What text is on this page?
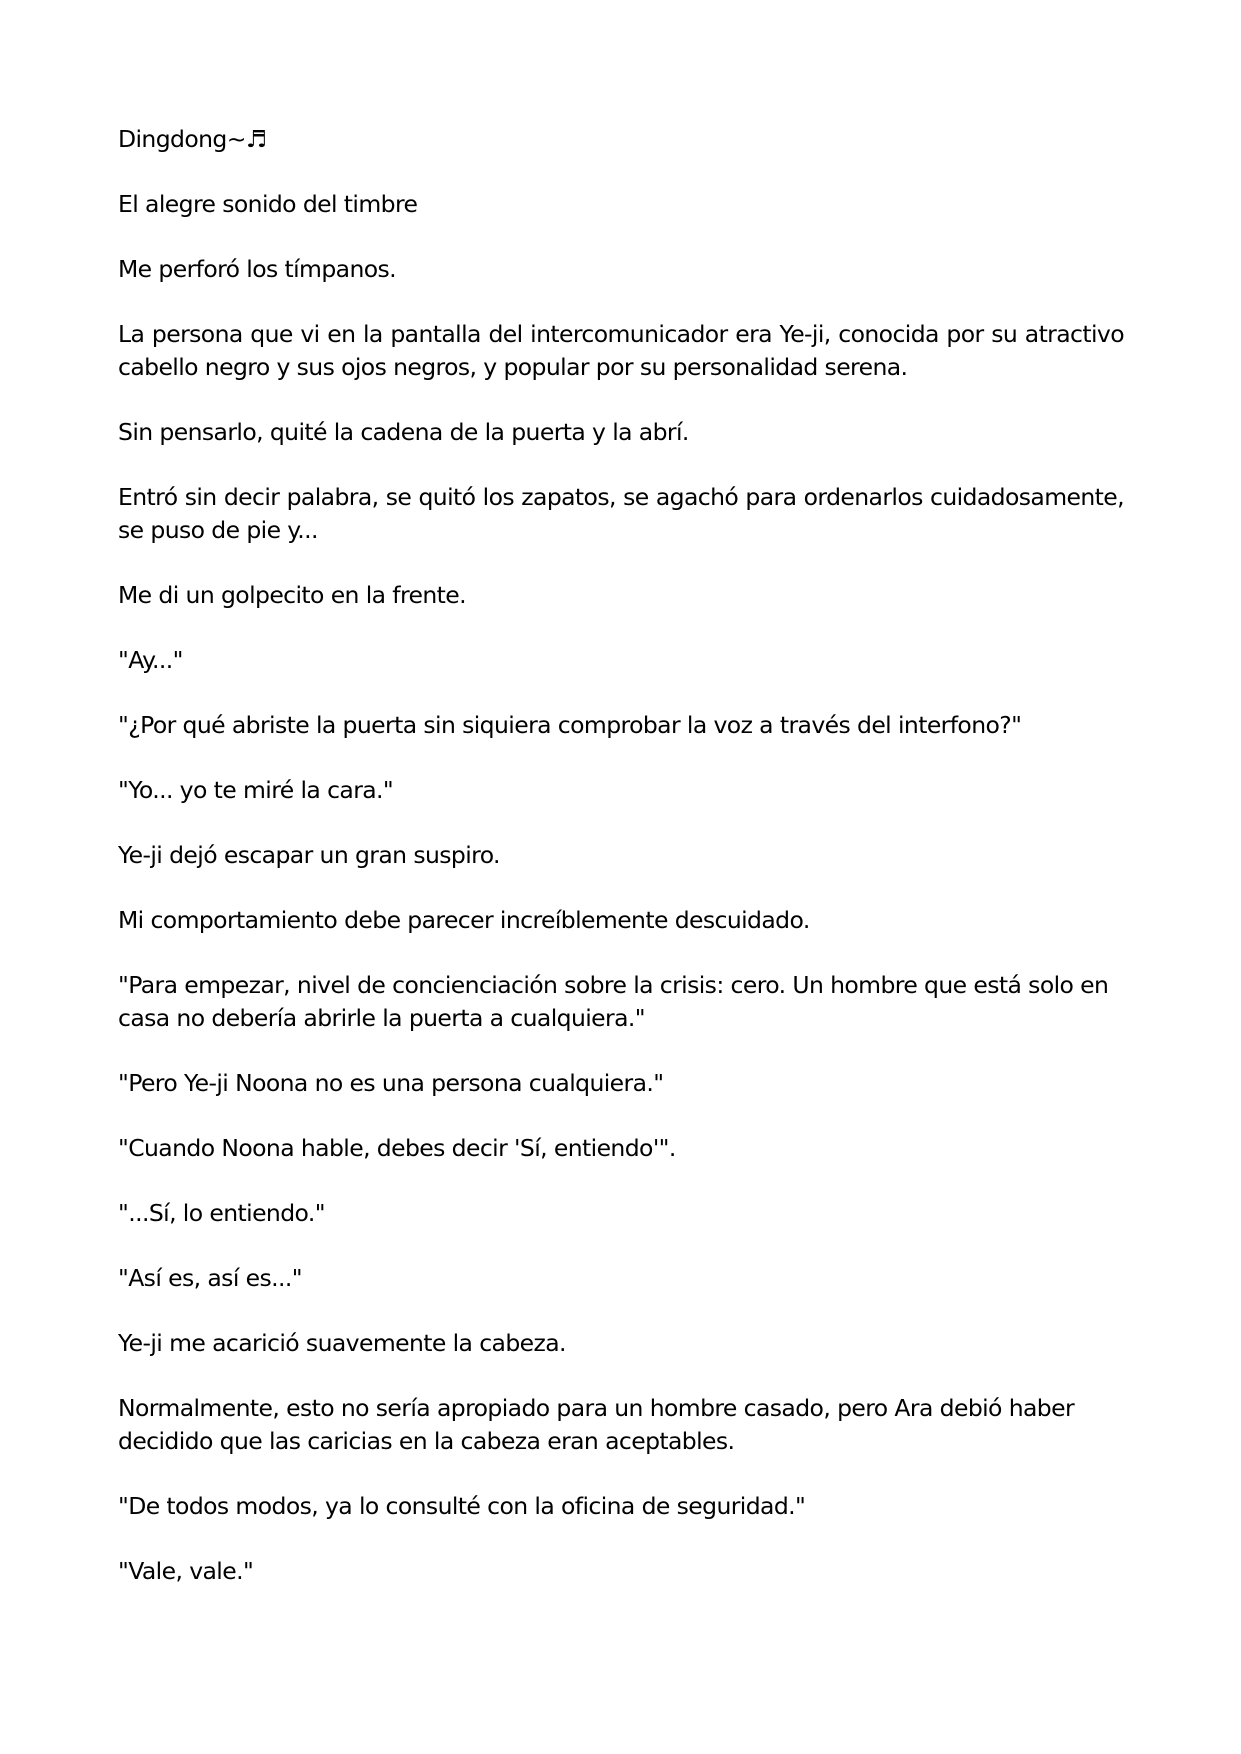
Dingdong~♬

El alegre sonido del timbre

Me perforó los tímpanos.

La persona que vi en la pantalla del intercomunicador era Ye-ji, conocida por su atractivo cabello negro y sus ojos negros, y popular por su personalidad serena.

Sin pensarlo, quité la cadena de la puerta y la abrí.

Entró sin decir palabra, se quitó los zapatos, se agachó para ordenarlos cuidadosamente, se puso de pie y...

Me di un golpecito en la frente.

"Ay..."

"¿Por qué abriste la puerta sin siquiera comprobar la voz a través del interfono?"

"Yo... yo te miré la cara."

Ye-ji dejó escapar un gran suspiro.

Mi comportamiento debe parecer increíblemente descuidado.

"Para empezar, nivel de concienciación sobre la crisis: cero. Un hombre que está solo en casa no debería abrirle la puerta a cualquiera."

"Pero Ye-ji Noona no es una persona cualquiera."

"Cuando Noona hable, debes decir 'Sí, entiendo'".

"...Sí, lo entiendo."

"Así es, así es..."

Ye-ji me acarició suavemente la cabeza.

Normalmente, esto no sería apropiado para un hombre casado, pero Ara debió haber decidido que las caricias en la cabeza eran aceptables.

"De todos modos, ya lo consulté con la oficina de seguridad."

"Vale, vale."
